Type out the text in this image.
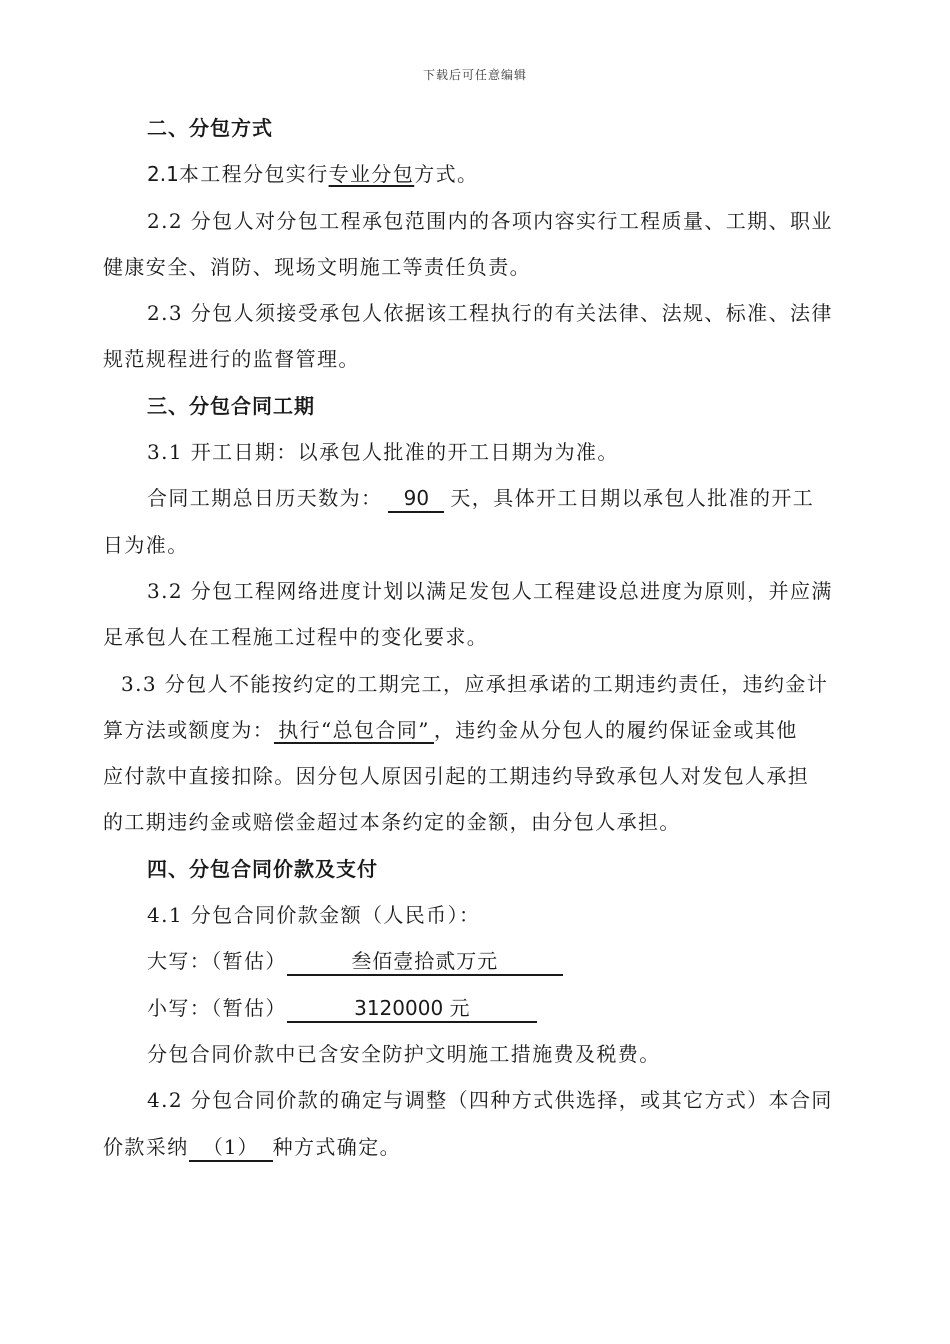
下载后可任意编辑
二、分包方式
2.1本工程分包实行专业分包方式。
2.2 分包人对分包工程承包范围内的各项内容实行工程质量、工期、职业
健康安全、消防、现场文明施工等责任负责。
2.3 分包人须接受承包人依据该工程执行的有关法律、法规、标准、法律
规范规程进行的监督管理。
三、分包合同工期
3.1 开工日期：以承包人批准的开工日期为为准。
合同工期总日历天数为： 90 天，具体开工日期以承包人批准的开工
日为准。
3.2 分包工程网络进度计划以满足发包人工程建设总进度为原则，并应满
足承包人在工程施工过程中的变化要求。
3.3 分包人不能按约定的工期完工，应承担承诺的工期违约责任，违约金计
算方法或额度为： 执行“总包合同” ，违约金从分包人的履约保证金或其他
应付款中直接扣除。因分包人原因引起的工期违约导致承包人对发包人承担
的工期违约金或赔偿金超过本条约定的金额，由分包人承担。
四、分包合同价款及支付
4.1 分包合同价款金额（人民币）：
大写：（暂估）	叁佰壹拾贰万元
小写：（暂估）	3120000 元
分包合同价款中已含安全防护文明施工措施费及税费。
4.2 分包合同价款的确定与调整（四种方式供选择，或其它方式）本合同
价款采纳 （1） 种方式确定。
